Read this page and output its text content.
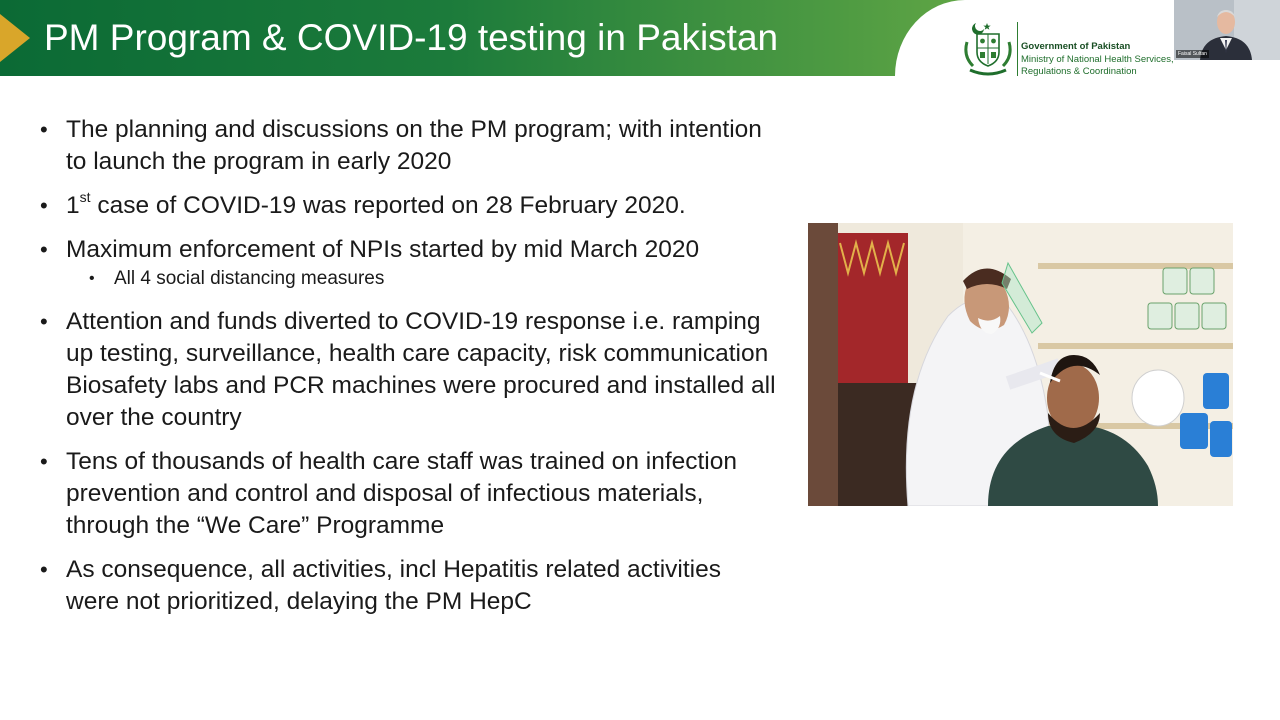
PM Program & COVID-19 testing in Pakistan	Government of Pakistan
Ministry of National Health Services,
Regulations & Coordination
Faisal Sultan
• The planning and discussions on the PM program; with intention to launch the program in early 2020
• 1st case of COVID-19 was reported on 28 February 2020.
• Maximum enforcement of NPIs started by mid March 2020
• All 4 social distancing measures
• Attention and funds diverted to COVID-19 response i.e. ramping up testing, surveillance, health care capacity, risk communication Biosafety labs and PCR machines were procured and installed all over the country
• Tens of thousands of health care staff was trained on infection prevention and control and disposal of infectious materials, through the “We Care” Programme
• As consequence, all activities, incl Hepatitis related activities were not prioritized, delaying the PM HepC
